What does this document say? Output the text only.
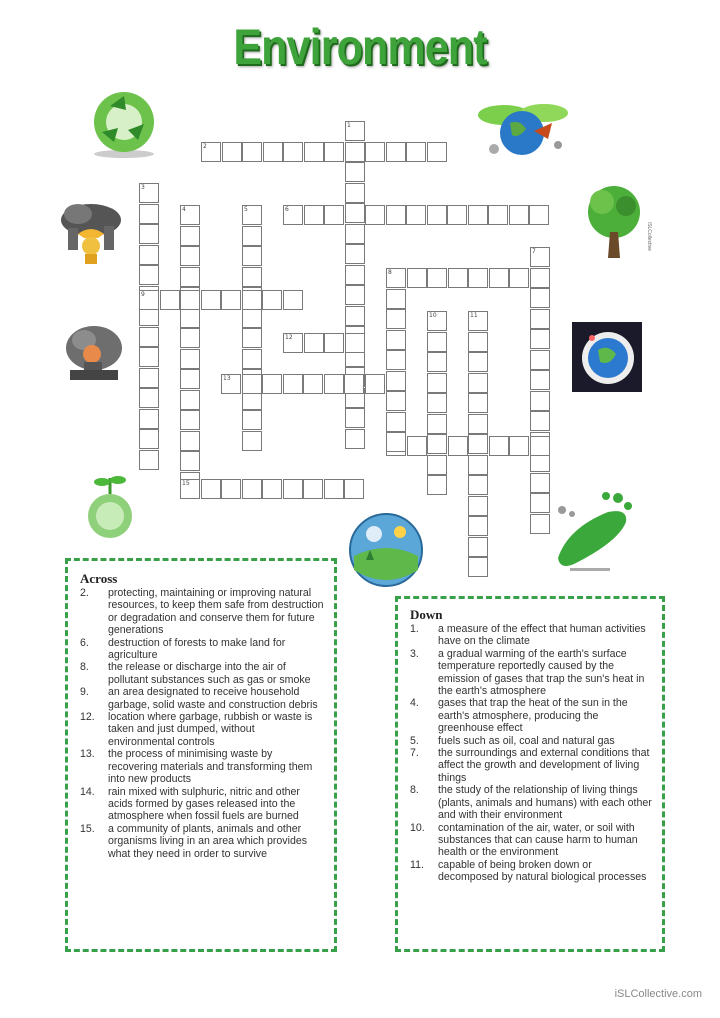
Environment
iSLCollective
1
2
3
4	5	6
7
8
9
10	11
12
13
15
Across
2.	protecting, maintaining or improving natural resources, to keep them safe from destruction or degradation and conserve them for future generations
6.	destruction of forests to make land for agriculture
8.	the release or discharge into the air of pollutant substances such as gas or smoke
9.	an area designated to receive household garbage, solid waste and construction debris
12.	location where garbage, rubbish or waste is taken and just dumped, without environmental controls
13.	the process of minimising waste by recovering materials and transforming them into new products
14.	rain mixed with sulphuric, nitric and other acids formed by gases released into the atmosphere when fossil fuels are burned
15.	a community of plants, animals and other organisms living in an area which provides what they need in order to survive
Down
1.	a measure of the effect that human activities have on the climate
3.	a gradual warming of the earth's surface temperature reportedly caused by the emission of gases that trap the sun's heat in the earth's atmosphere
4.	gases that trap the heat of the sun in the earth's atmosphere, producing the greenhouse effect
5.	fuels such as oil, coal and natural gas
7.	the surroundings and external conditions that affect the growth and development of living things
8.	the study of the relationship of living things (plants, animals and humans) with each other and with their environment
10.	contamination of the air, water, or soil with substances that can cause harm to human health or the environment
11.	capable of being broken down or decomposed by natural biological processes
iSLCollective.com
